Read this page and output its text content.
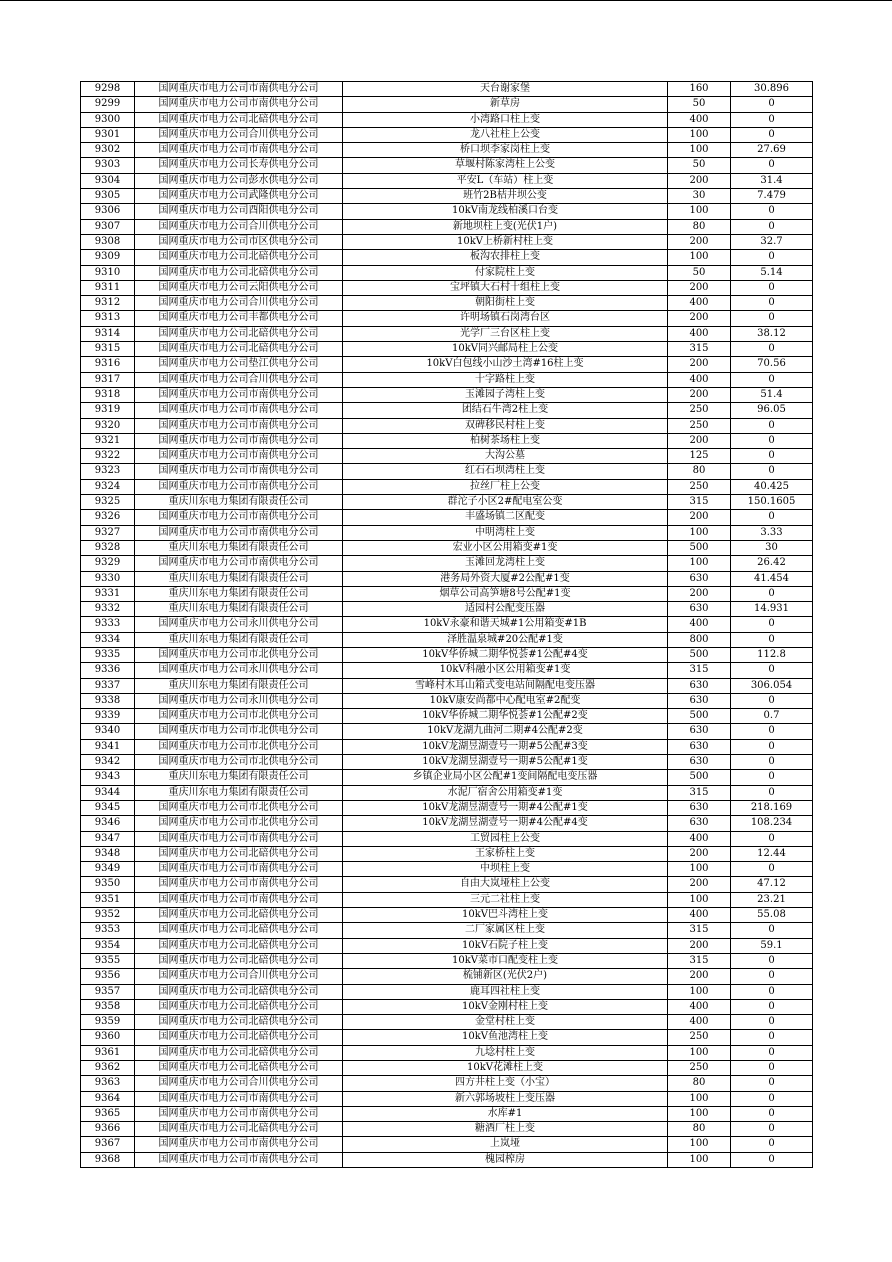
9298	国网重庆市电力公司市南供电分公司	天台谢家堡	160	30.896
9299	国网重庆市电力公司市南供电分公司	新草房	50	0
9300	国网重庆市电力公司北碚供电分公司	小湾路口柱上变	400	0
9301	国网重庆市电力公司合川供电分公司	龙八社柱上公变	100	0
9302	国网重庆市电力公司市南供电分公司	桥口坝李家岗柱上变	100	27.69
9303	国网重庆市电力公司长寿供电分公司	草堰村陈家湾柱上公变	50	0
9304	国网重庆市电力公司彭水供电分公司	平安L（车站）柱上变	200	31.4
9305	国网重庆市电力公司武隆供电分公司	班竹2B桔井坝公变	30	7.479
9306	国网重庆市电力公司酉阳供电分公司	10kV南龙线柏溪口台变	100	0
9307	国网重庆市电力公司合川供电分公司	新地坝柱上变(光伏1户)	80	0
9308	国网重庆市电力公司市区供电分公司	10kV上桥新村柱上变	200	32.7
9309	国网重庆市电力公司北碚供电分公司	板沟农排柱上变	100	0
9310	国网重庆市电力公司北碚供电分公司	付家院柱上变	50	5.14
9311	国网重庆市电力公司云阳供电分公司	宝坪镇大石村十组柱上变	200	0
9312	国网重庆市电力公司合川供电分公司	朝阳街柱上变	400	0
9313	国网重庆市电力公司丰都供电分公司	许明场镇石岗湾台区	200	0
9314	国网重庆市电力公司北碚供电分公司	光学厂三台区柱上变	400	38.12
9315	国网重庆市电力公司北碚供电分公司	10kV同兴邮局柱上公变	315	0
9316	国网重庆市电力公司垫江供电分公司	10kV白包线小山沙土湾#16柱上变	200	70.56
9317	国网重庆市电力公司合川供电分公司	十字路柱上变	400	0
9318	国网重庆市电力公司市南供电分公司	玉滩园子湾柱上变	200	51.4
9319	国网重庆市电力公司市南供电分公司	团结石牛湾2柱上变	250	96.05
9320	国网重庆市电力公司市南供电分公司	双碑移民村柱上变	250	0
9321	国网重庆市电力公司市南供电分公司	柏树茶场柱上变	200	0
9322	国网重庆市电力公司市南供电分公司	大沟公墓	125	0
9323	国网重庆市电力公司市南供电分公司	红石石坝湾柱上变	80	0
9324	国网重庆市电力公司市南供电分公司	拉丝厂柱上公变	250	40.425
9325	重庆川东电力集团有限责任公司	群沱子小区2#配电室公变	315	150.1605
9326	国网重庆市电力公司市南供电分公司	丰盛场镇二区配变	200	0
9327	国网重庆市电力公司市南供电分公司	中明湾柱上变	100	3.33
9328	重庆川东电力集团有限责任公司	宏业小区公用箱变#1变	500	30
9329	国网重庆市电力公司市南供电分公司	玉滩回龙湾柱上变	100	26.42
9330	重庆川东电力集团有限责任公司	港务局外资大厦#2公配#1变	630	41.454
9331	重庆川东电力集团有限责任公司	烟草公司高笋塘8号公配#1变	200	0
9332	重庆川东电力集团有限责任公司	适园村公配变压器	630	14.931
9333	国网重庆市电力公司永川供电分公司	10kV永豪和谐天城#1公用箱变#1B	400	0
9334	重庆川东电力集团有限责任公司	泽胜温泉城#20公配#1变	800	0
9335	国网重庆市电力公司市北供电分公司	10kV华侨城二期华悦荟#1公配#4变	500	112.8
9336	国网重庆市电力公司永川供电分公司	10kV科融小区公用箱变#1变	315	0
9337	重庆川东电力集团有限责任公司	雪峰村木耳山箱式变电站间隔配电变压器	630	306.054
9338	国网重庆市电力公司永川供电分公司	10kV康安尚都中心配电室#2配变	630	0
9339	国网重庆市电力公司市北供电分公司	10kV华侨城二期华悦荟#1公配#2变	500	0.7
9340	国网重庆市电力公司市北供电分公司	10kV龙湖九曲河二期#4公配#2变	630	0
9341	国网重庆市电力公司市北供电分公司	10kV龙湖昱湖壹号一期#5公配#3变	630	0
9342	国网重庆市电力公司市北供电分公司	10kV龙湖昱湖壹号一期#5公配#1变	630	0
9343	重庆川东电力集团有限责任公司	乡镇企业局小区公配#1变间隔配电变压器	500	0
9344	重庆川东电力集团有限责任公司	水泥厂宿舍公用箱变#1变	315	0
9345	国网重庆市电力公司市北供电分公司	10kV龙湖昱湖壹号一期#4公配#1变	630	218.169
9346	国网重庆市电力公司市北供电分公司	10kV龙湖昱湖壹号一期#4公配#4变	630	108.234
9347	国网重庆市电力公司市南供电分公司	工贸园柱上公变	400	0
9348	国网重庆市电力公司北碚供电分公司	王家桥柱上变	200	12.44
9349	国网重庆市电力公司市南供电分公司	中坝柱上变	100	0
9350	国网重庆市电力公司市南供电分公司	自由大岚垭柱上公变	200	47.12
9351	国网重庆市电力公司市南供电分公司	三元二社柱上变	100	23.21
9352	国网重庆市电力公司北碚供电分公司	10kV巴斗湾柱上变	400	55.08
9353	国网重庆市电力公司北碚供电分公司	二厂家属区柱上变	315	0
9354	国网重庆市电力公司北碚供电分公司	10kV石院子柱上变	200	59.1
9355	国网重庆市电力公司北碚供电分公司	10kV菜市口配变柱上变	315	0
9356	国网重庆市电力公司合川供电分公司	梳铺新区(光伏2户)	200	0
9357	国网重庆市电力公司北碚供电分公司	鹿耳四社柱上变	100	0
9358	国网重庆市电力公司北碚供电分公司	10kV金刚村柱上变	400	0
9359	国网重庆市电力公司北碚供电分公司	金堂村柱上变	400	0
9360	国网重庆市电力公司北碚供电分公司	10kV鱼池湾柱上变	250	0
9361	国网重庆市电力公司北碚供电分公司	九埝村柱上变	100	0
9362	国网重庆市电力公司北碚供电分公司	10kV花滩柱上变	250	0
9363	国网重庆市电力公司合川供电分公司	四方井柱上变（小宝）	80	0
9364	国网重庆市电力公司市南供电分公司	新六郭场坡柱上变压器	100	0
9365	国网重庆市电力公司市南供电分公司	水库#1	100	0
9366	国网重庆市电力公司北碚供电分公司	糖酒厂柱上变	80	0
9367	国网重庆市电力公司市南供电分公司	上岚垭	100	0
9368	国网重庆市电力公司市南供电分公司	槐园榨房	100	0
